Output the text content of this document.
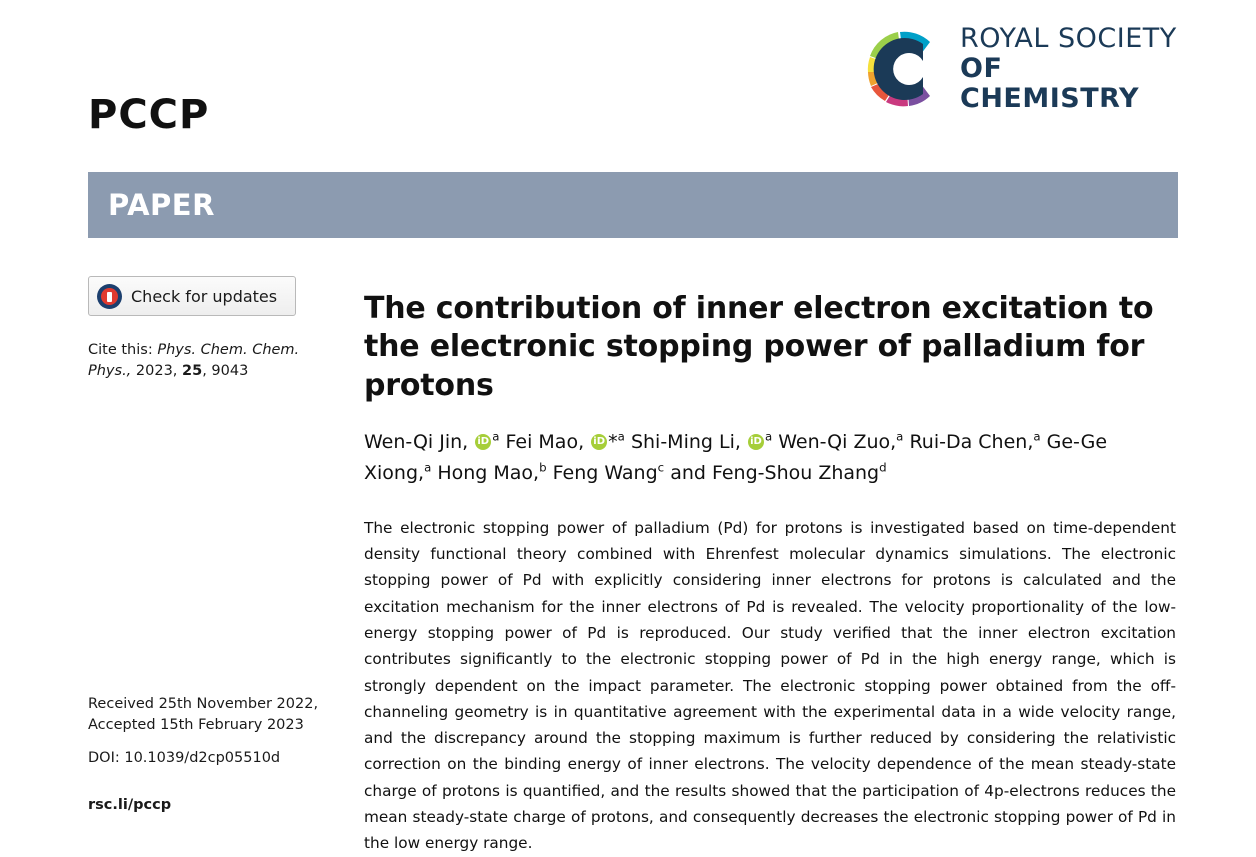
PCCP
ROYAL SOCIETY
OF CHEMISTRY
PAPER
Check for updates
Cite this: Phys. Chem. Chem. Phys., 2023, 25, 9043
Received 25th November 2022,
Accepted 15th February 2023
DOI: 10.1039/d2cp05510d
rsc.li/pccp
The contribution of inner electron excitation to the electronic stopping power of palladium for protons
Wen-Qi Jin, iD $^a$ Fei Mao, iD *$^a$ Shi-Ming Li, iD $^a$ Wen-Qi Zuo,$^a$ Rui-Da Chen,$^a$ Ge-Ge Xiong,$^a$ Hong Mao,$^b$ Feng Wang$^c$ and Feng-Shou Zhang$^d$
The electronic stopping power of palladium (Pd) for protons is investigated based on time-dependent density functional theory combined with Ehrenfest molecular dynamics simulations. The electronic stopping power of Pd with explicitly considering inner electrons for protons is calculated and the excitation mechanism for the inner electrons of Pd is revealed. The velocity proportionality of the low-energy stopping power of Pd is reproduced. Our study verified that the inner electron excitation contributes significantly to the electronic stopping power of Pd in the high energy range, which is strongly dependent on the impact parameter. The electronic stopping power obtained from the off-channeling geometry is in quantitative agreement with the experimental data in a wide velocity range, and the discrepancy around the stopping maximum is further reduced by considering the relativistic correction on the binding energy of inner electrons. The velocity dependence of the mean steady-state charge of protons is quantified, and the results showed that the participation of 4p-electrons reduces the mean steady-state charge of protons, and consequently decreases the electronic stopping power of Pd in the low energy range.
